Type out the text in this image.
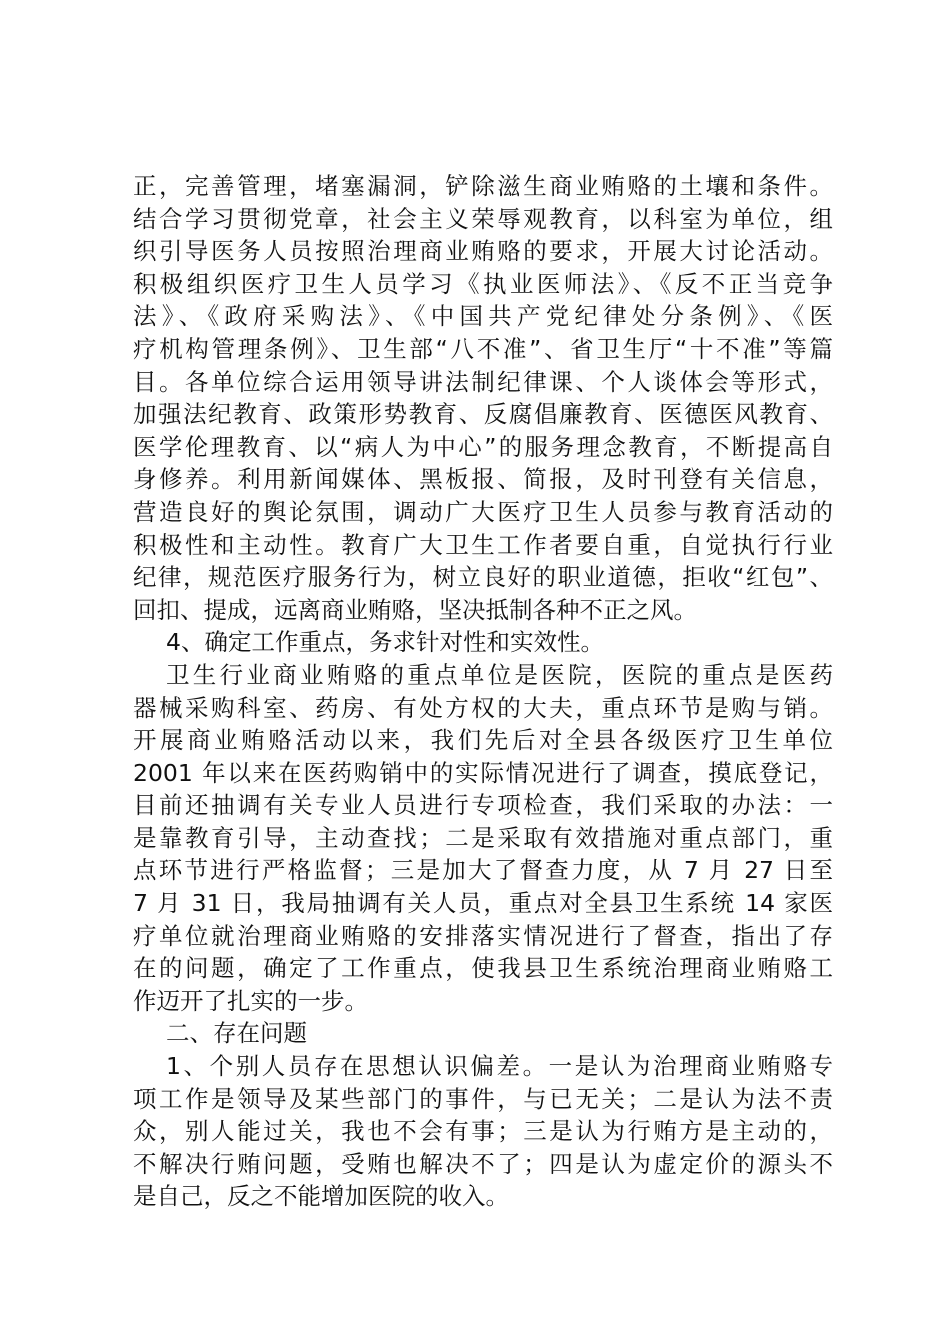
正，完善管理，堵塞漏洞，铲除滋生商业贿赂的土壤和条件。
结合学习贯彻党章，社会主义荣辱观教育，以科室为单位，组
织引导医务人员按照治理商业贿赂的要求，开展大讨论活动。
积极组织医疗卫生人员学习《执业医师法》、《反不正当竞争
法》、《政府采购法》、《中国共产党纪律处分条例》、《医
疗机构管理条例》、卫生部“八不准”、省卫生厅“十不准”等篇
目。各单位综合运用领导讲法制纪律课、个人谈体会等形式，
加强法纪教育、政策形势教育、反腐倡廉教育、医德医风教育、
医学伦理教育、以“病人为中心”的服务理念教育，不断提高自
身修养。利用新闻媒体、黑板报、简报，及时刊登有关信息，
营造良好的舆论氛围，调动广大医疗卫生人员参与教育活动的
积极性和主动性。教育广大卫生工作者要自重，自觉执行行业
纪律，规范医疗服务行为，树立良好的职业道德，拒收“红包”、
回扣、提成，远离商业贿赂，坚决抵制各种不正之风。
4、确定工作重点，务求针对性和实效性。
卫生行业商业贿赂的重点单位是医院，医院的重点是医药
器械采购科室、药房、有处方权的大夫，重点环节是购与销。
开展商业贿赂活动以来，我们先后对全县各级医疗卫生单位
2001 年以来在医药购销中的实际情况进行了调查，摸底登记，
目前还抽调有关专业人员进行专项检查，我们采取的办法：一
是靠教育引导，主动查找；二是采取有效措施对重点部门，重
点环节进行严格监督；三是加大了督查力度，从 7 月 27 日至
7 月 31 日，我局抽调有关人员，重点对全县卫生系统 14 家医
疗单位就治理商业贿赂的安排落实情况进行了督查，指出了存
在的问题，确定了工作重点，使我县卫生系统治理商业贿赂工
作迈开了扎实的一步。
二、存在问题
1、个别人员存在思想认识偏差。一是认为治理商业贿赂专
项工作是领导及某些部门的事件，与已无关；二是认为法不责
众，别人能过关，我也不会有事；三是认为行贿方是主动的，
不解决行贿问题，受贿也解决不了；四是认为虚定价的源头不
是自己，反之不能增加医院的收入。
